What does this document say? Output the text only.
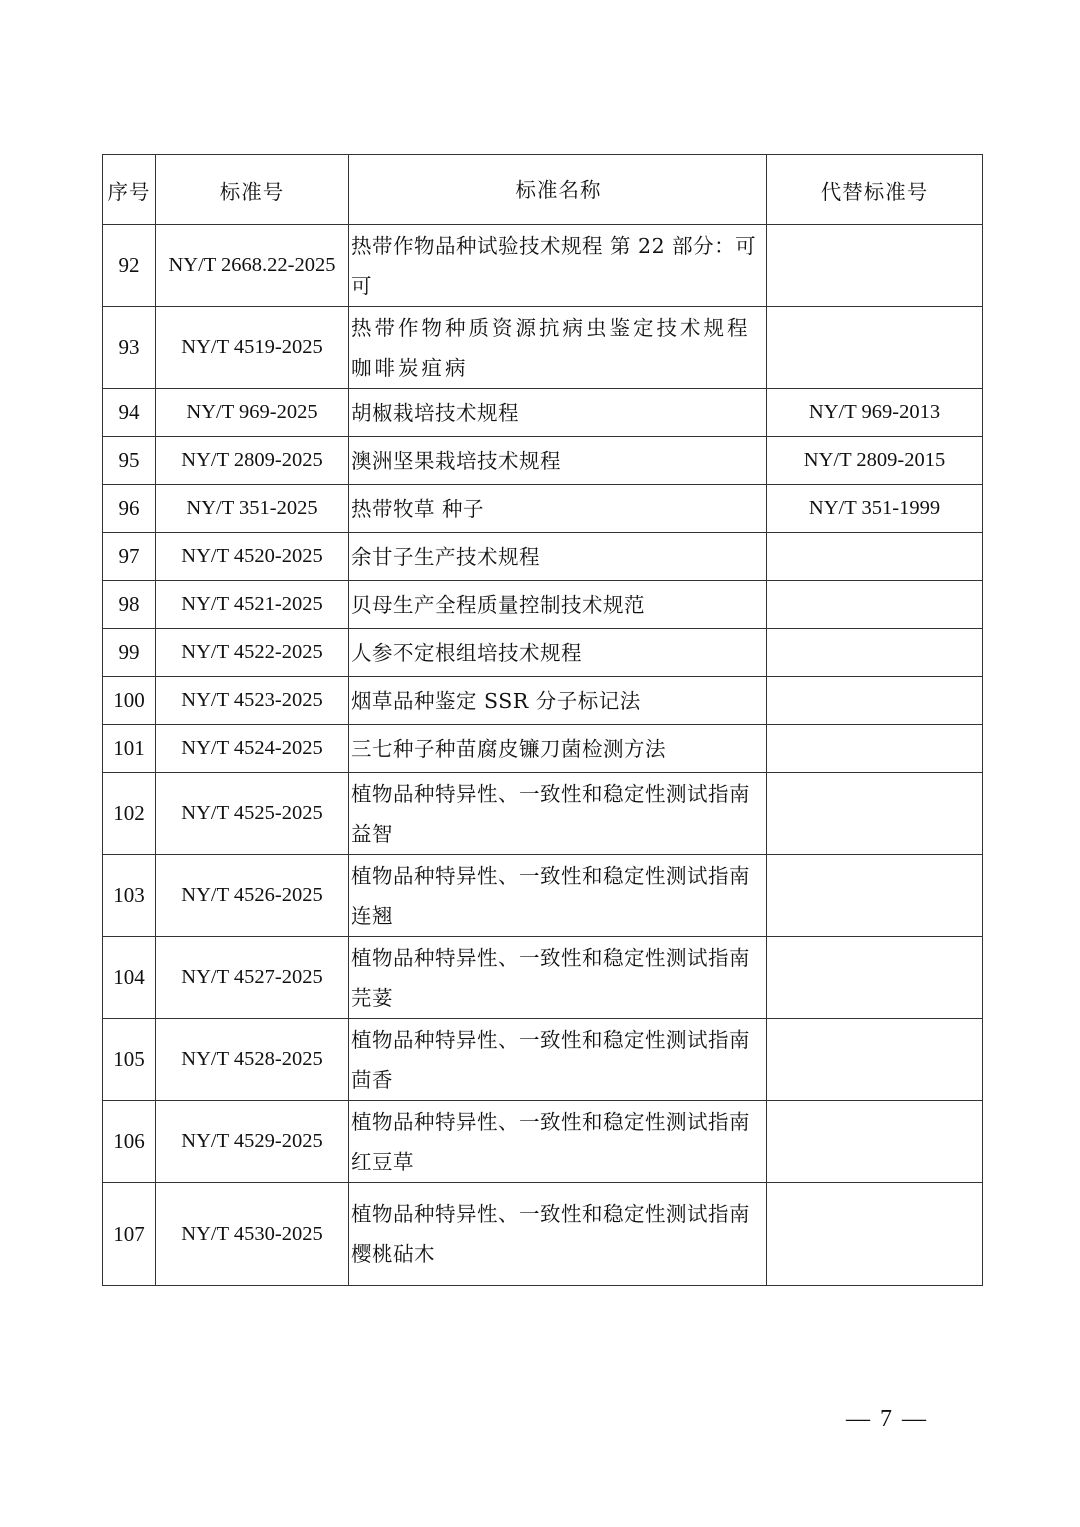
序号	标准号	标准名称	代替标准号
92	NY/T 2668.22-2025	热带作物品种试验技术规程 第 22 部分：可可	
93	NY/T 4519-2025	热带作物种质资源抗病虫鉴定技术规程 咖啡炭疽病	
94	NY/T 969-2025	胡椒栽培技术规程	NY/T 969-2013
95	NY/T 2809-2025	澳洲坚果栽培技术规程	NY/T 2809-2015
96	NY/T 351-2025	热带牧草 种子	NY/T 351-1999
97	NY/T 4520-2025	余甘子生产技术规程	
98	NY/T 4521-2025	贝母生产全程质量控制技术规范	
99	NY/T 4522-2025	人参不定根组培技术规程	
100	NY/T 4523-2025	烟草品种鉴定 SSR 分子标记法	
101	NY/T 4524-2025	三七种子种苗腐皮镰刀菌检测方法	
102	NY/T 4525-2025	植物品种特异性、一致性和稳定性测试指南 益智	
103	NY/T 4526-2025	植物品种特异性、一致性和稳定性测试指南 连翘	
104	NY/T 4527-2025	植物品种特异性、一致性和稳定性测试指南 芫荽	
105	NY/T 4528-2025	植物品种特异性、一致性和稳定性测试指南 茴香	
106	NY/T 4529-2025	植物品种特异性、一致性和稳定性测试指南 红豆草	
107	NY/T 4530-2025	植物品种特异性、一致性和稳定性测试指南 樱桃砧木	
— 7 —
